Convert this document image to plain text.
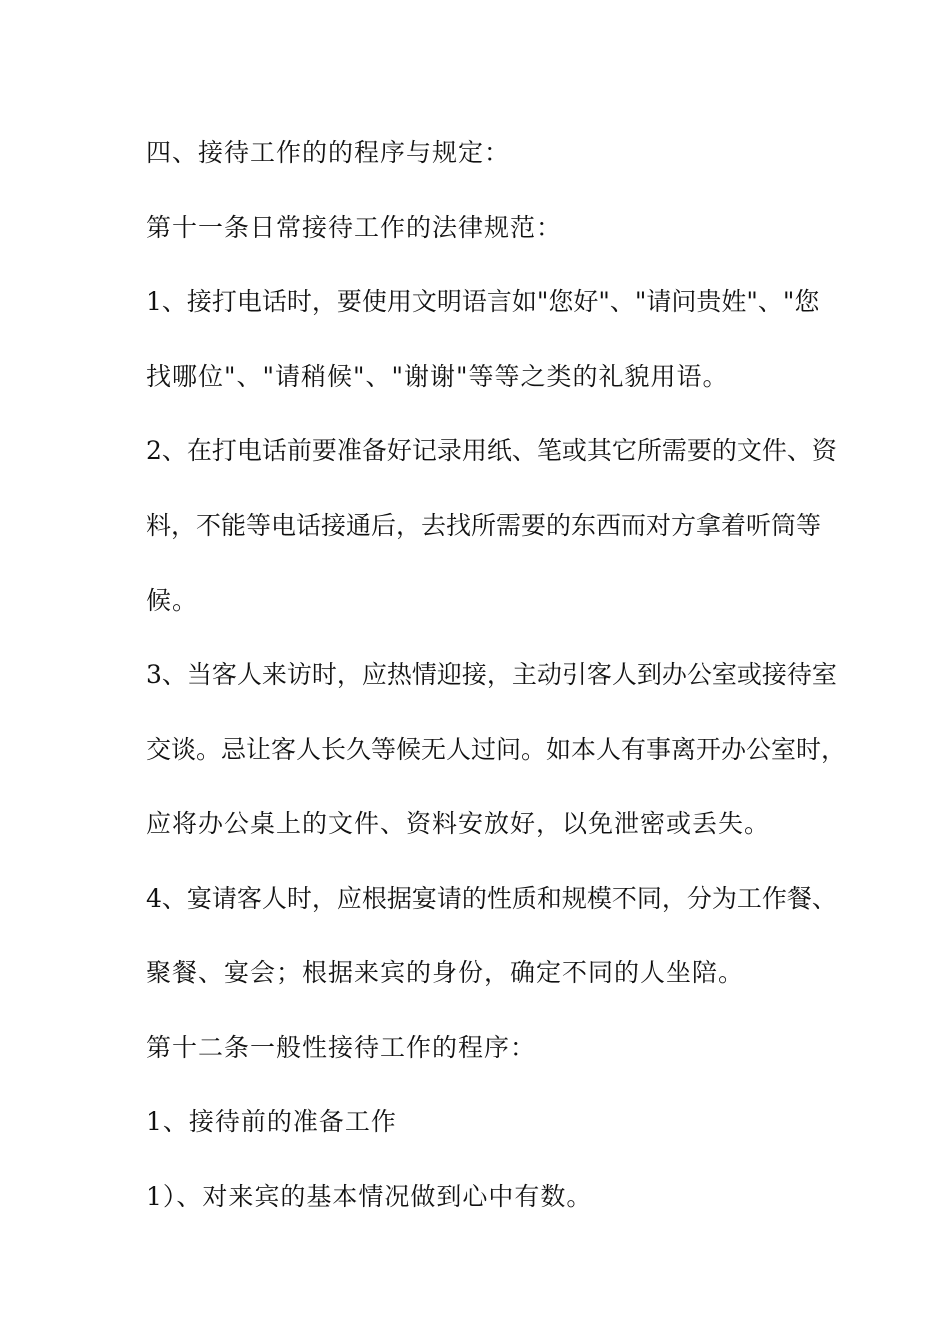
四、接待工作的的程序与规定：
第十一条日常接待工作的法律规范：
1、接打电话时，要使用文明语言如"您好"、"请问贵姓"、"您
找哪位"、"请稍候"、"谢谢"等等之类的礼貌用语。
2、在打电话前要准备好记录用纸、笔或其它所需要的文件、资
料，不能等电话接通后，去找所需要的东西而对方拿着听筒等
候。
3、当客人来访时，应热情迎接，主动引客人到办公室或接待室
交谈。忌让客人长久等候无人过问。如本人有事离开办公室时，
应将办公桌上的文件、资料安放好，以免泄密或丢失。
4、宴请客人时，应根据宴请的性质和规模不同，分为工作餐、
聚餐、宴会；根据来宾的身份，确定不同的人坐陪。
第十二条一般性接待工作的程序：
1、接待前的准备工作
1）、对来宾的基本情况做到心中有数。
